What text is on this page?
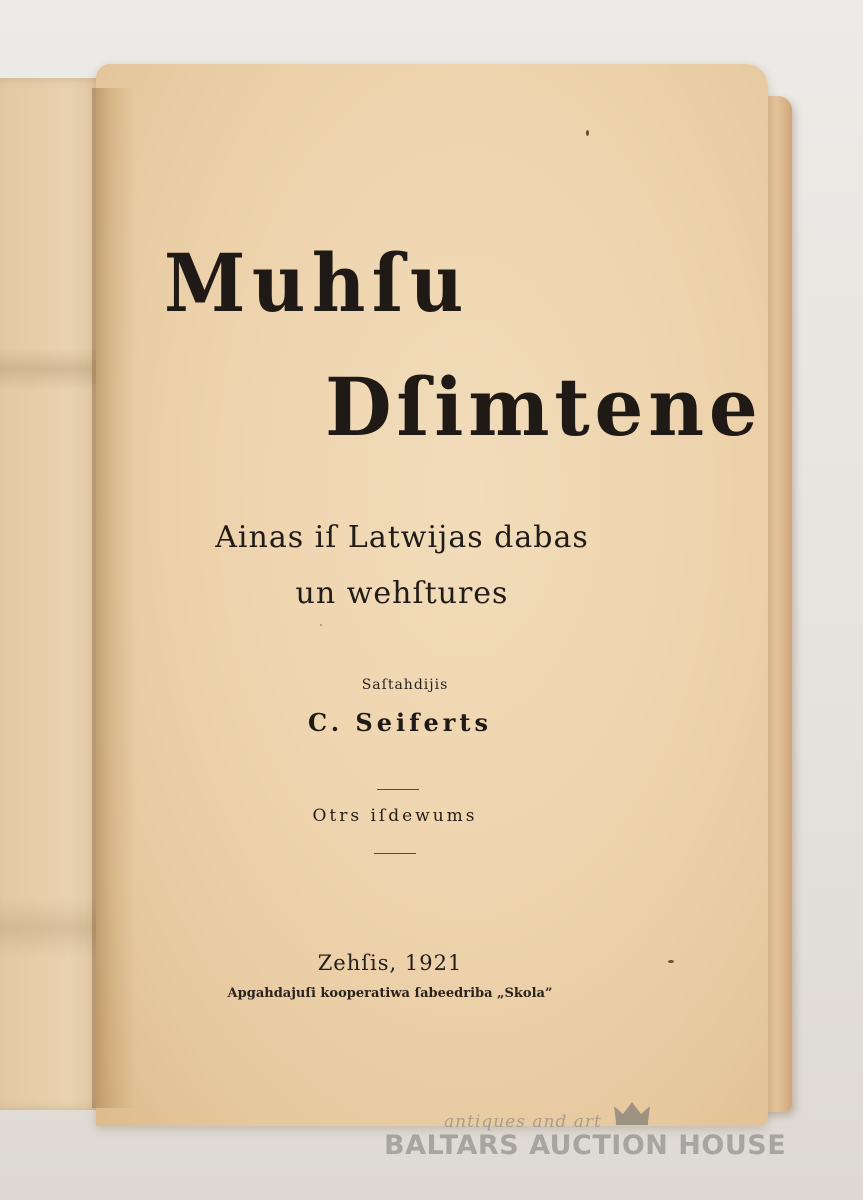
Muhſu
Dſimtene
Ainas iſ Latwijas dabas
un wehſtures
Saſtahdijis
C. Seiferts
Otrs iſdewums
Zehſis, 1921
Apgahdajuſi kooperatiwa ſabeedriba „Skola”
antiques and art
BALTARS AUCTION HOUSE
